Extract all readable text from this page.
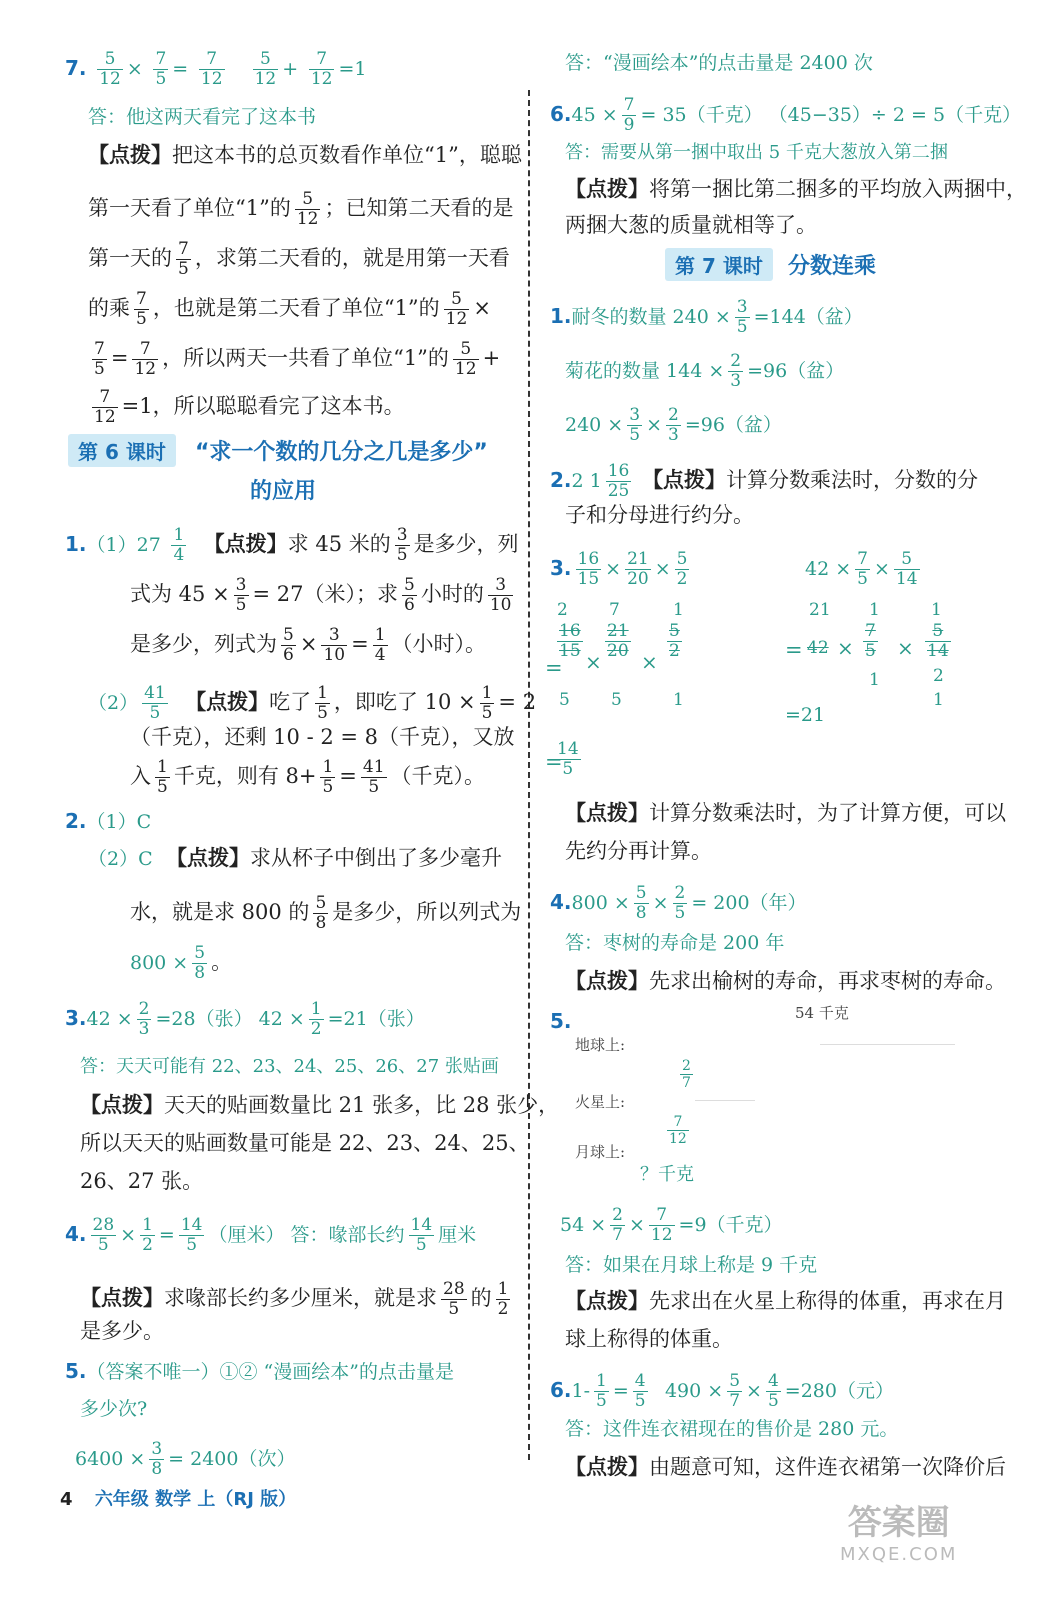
7. $\frac{5}{12} \times \frac{7}{5} = \frac{7}{12}$
$\frac{5}{12} + \frac{7}{12} =1$
答：他这两天看完了这本书
【点拨】把这本书的总页数看作单位“1”，聪聪
第一天看了单位“1”的 $\frac{5}{12}$ ；已知第二天看的是
第一天的 $\frac{7}{5}$ ，求第二天看的，就是用第一天看
的乘 $\frac{7}{5}$ ，也就是第二天看了单位“1”的 $\frac{5}{12}$ ×
$\frac{7}{5} = \frac{7}{12}$ ，所以两天一共看了单位“1”的 $\frac{5}{12}$ +
$\frac{7}{12} =1$，所以聪聪看完了这本书。
第 6 课时 “求一个数的几分之几是多少”
的应用
$1.(1)27 \frac{1}{4}$ 【点拨】求 45 米的 $\frac{3}{5}$ 是多少，列
式为 $45 \times \frac{3}{5} = 27$（米）；求 $\frac{5}{6}$ 小时的 $\frac{3}{10}$
是多少，列式为 $\frac{5}{6} \times \frac{3}{10} = \frac{1}{4}$ （小时）。
$(2) \frac{41}{5}$ 【点拨】吃了 $\frac{1}{5}$ ，即吃了 $10 \times \frac{1}{5} = 2$
（千克），还剩 10 - 2 = 8（千克），又放
入 $\frac{1}{5}$ 千克，则有 $8+ \frac{1}{5} = \frac{41}{5}$ （千克）。
2.（1）C
（2）C 【点拨】求从杯子中倒出了多少毫升
水，就是求 800 的 $\frac{5}{8}$ 是多少，所以列式为
$800 \times \frac{5}{8}$ 。
$3.42 \times \frac{2}{3} =28$（张） $42 \times \frac{1}{2} =21$（张）
答：天天可能有 22、23、24、25、26、27 张贴画
【点拨】天天的贴画数量比 21 张多，比 28 张少，
所以天天的贴画数量可能是 22、23、24、25、
26、27 张。
4. $\frac{28}{5} \times \frac{1}{2} = \frac{14}{5}$ （厘米） 答：喙部长约 $\frac{14}{5}$ 厘米
【点拨】求喙部长约多少厘米，就是求 $\frac{28}{5}$ 的 $\frac{1}{2}$
是多少。
5.（答案不唯一）①② “漫画绘本”的点击量是
多少次?
$6400 \times \frac{3}{8} = 2400$（次）
答：“漫画绘本”的点击量是 2400 次
$6.45 \times \frac{7}{9} = 35$（千克） （45−35）÷ 2 = 5（千克）
答：需要从第一捆中取出 5 千克大葱放入第二捆
【点拨】将第一捆比第二捆多的平均放入两捆中，
两捆大葱的质量就相等了。
第 7 课时 分数连乘
1.耐冬的数量 $240 \times \frac{3}{5} =144$（盆）
菊花的数量 $144 \times \frac{2}{3} =96$（盆）
$240 \times \frac{3}{5} \times \frac{2}{3} =96$（盆）
2.2 $1 \frac{16}{25}$ 【点拨】计算分数乘法时，分数的分
子和分母进行约分。
3. $\frac{16}{15} \times \frac{21}{20} \times \frac{5}{2}$	$42 \times \frac{7}{5} \times \frac{5}{14}$
2
=
$\frac{16}{15}$
5
×
7
$\frac{21}{20}$
5
×
1
$\frac{5}{2}$
1
=
$\frac{14}{5}$
21
= 42 ×
1
$\frac{7}{5}$
1
×
1
$\frac{5}{14}$
2
1
=21
【点拨】计算分数乘法时，为了计算方便，可以
先约分再计算。
$4.800 \times \frac{5}{8} \times \frac{2}{5} = 200$（年）
答：枣树的寿命是 200 年
【点拨】先求出榆树的寿命，再求枣树的寿命。
5.	54 千克
地球上:
火星上:
$\frac{2}{7}$
月球上:
$\frac{7}{12}$
？千克
$54 \times \frac{2}{7} \times \frac{7}{12} =9$（千克）
答：如果在月球上称是 9 千克
【点拨】先求出在火星上称得的体重，再求在月
球上称得的体重。
$6.1- \frac{1}{5} = \frac{4}{5} 490 \times \frac{5}{7} \times \frac{4}{5} =280$（元）
答：这件连衣裙现在的售价是 280 元。
【点拨】由题意可知，这件连衣裙第一次降价后
4 六年级 数学 上（RJ 版）
答案圈
MXQE.COM
